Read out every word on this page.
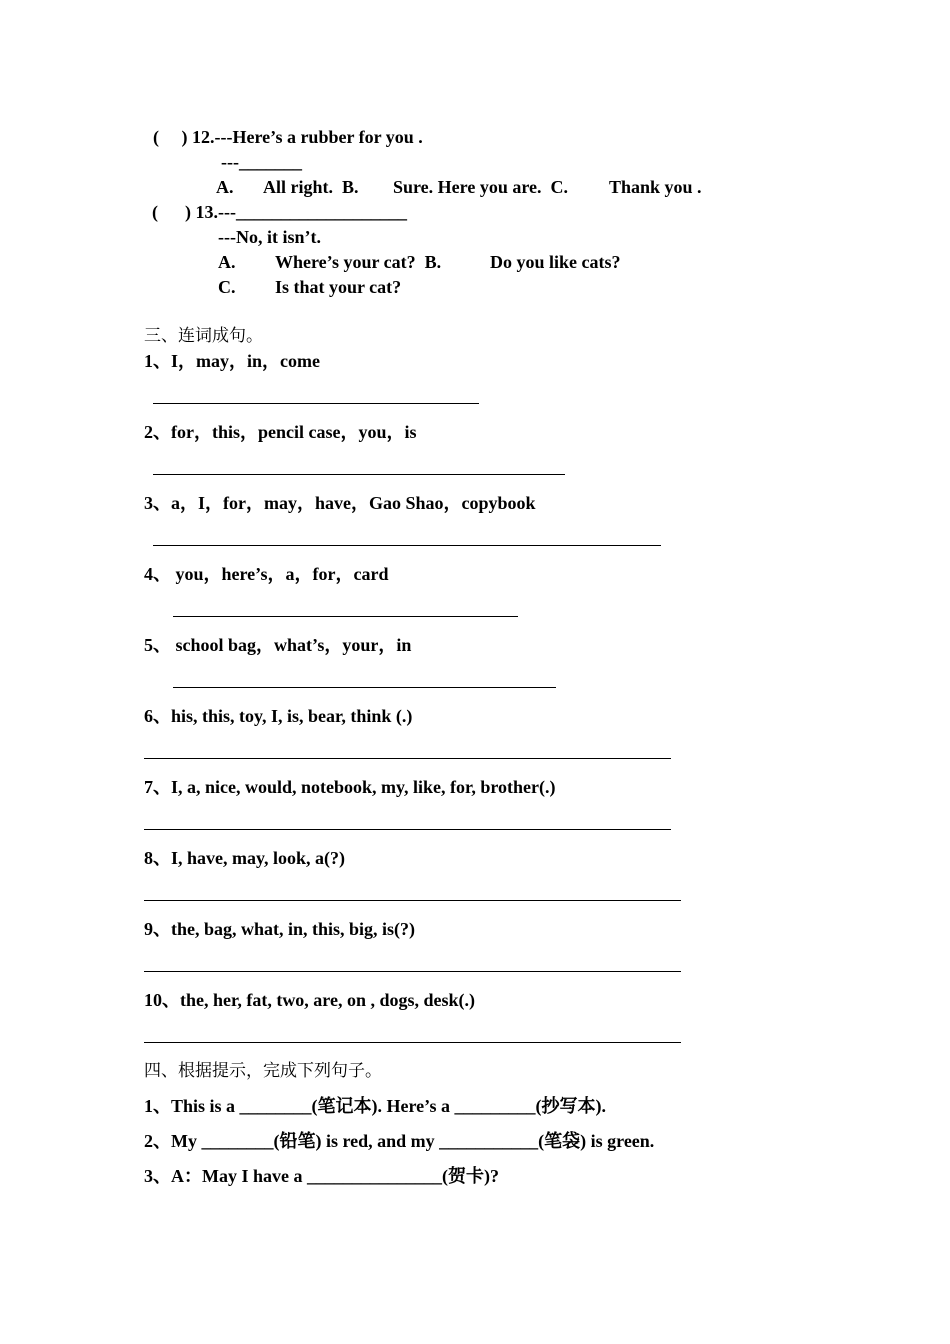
(     ) 12.---Here’s a rubber for you .
---_______
A. All right.  B. Sure. Here you are.  C. Thank you .
(      ) 13.---___________________
---No, it isn’t.
A. Where’s your cat?  B.	Do you like cats?
C. Is that your cat?
三、连词成句。
1、I，may，in，come
2、for，this，pencil case，you，is
3、a，I，for，may，have，Gao Shao，copybook
4、 you，here’s，a，for，card
5、 school bag，what’s，your，in
6、his, this, toy, I, is, bear, think (.)
7、I, a, nice, would, notebook, my, like, for, brother(.)
8、I, have, may, look, a(?)
9、the, bag, what, in, this, big, is(?)
10、the, her, fat, two, are, on , dogs, desk(.)
四、根据提示，完成下列句子。
1、This is a ________(笔记本). Here’s a _________(抄写本).
2、My ________(铅笔) is red, and my ___________(笔袋) is green.
3、A：May I have a _______________(贺卡)?
